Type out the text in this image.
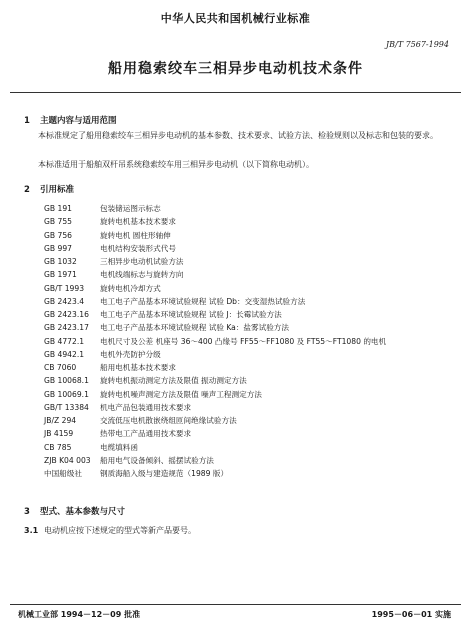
中华人民共和国机械行业标准
JB/T 7567-1994
船用稳索绞车三相异步电动机技术条件
1 主题内容与适用范围
本标准规定了船用稳索绞车三相异步电动机的基本参数、技术要求、试验方法、检验规则以及标志和包装的要求。
本标准适用于船舶双杆吊系统稳索绞车用三相异步电动机（以下简称电动机）。
2 引用标准
GB 191	包装储运图示标志
GB 755	旋转电机基本技术要求
GB 756	旋转电机 圆柱形轴伸
GB 997	电机结构安装形式代号
GB 1032	三相异步电动机试验方法
GB 1971	电机线端标志与旋转方向
GB/T 1993	旋转电机冷却方式
GB 2423.4	电工电子产品基本环境试验规程 试验 Db：交变湿热试验方法
GB 2423.16	电工电子产品基本环境试验规程 试验 J：长霉试验方法
GB 2423.17	电工电子产品基本环境试验规程 试验 Ka：盐雾试验方法
GB 4772.1	电机尺寸及公差 机座号 36～400 凸缘号 FF55～FF1080 及 FT55～FT1080 的电机
GB 4942.1	电机外壳防护分级
CB 7060	船用电机基本技术要求
GB 10068.1	旋转电机振动测定方法及限值 振动测定方法
GB 10069.1	旋转电机噪声测定方法及限值 噪声工程测定方法
GB/T 13384	机电产品包装通用技术要求
JB/Z 294	交流低压电机散嵌绕组匝间绝缘试验方法
JB 4159	热带电工产品通用技术要求
CB 785	电缆填料函
ZJB K04 003	船用电气设备倾斜、摇摆试验方法
中国船级社	钢质海船入级与建造规范（1989 版）
3 型式、基本参数与尺寸
3.1 电动机应按下述规定的型式等新产品要号。
机械工业部 1994－12－09 批准	1995－06－01 实施
